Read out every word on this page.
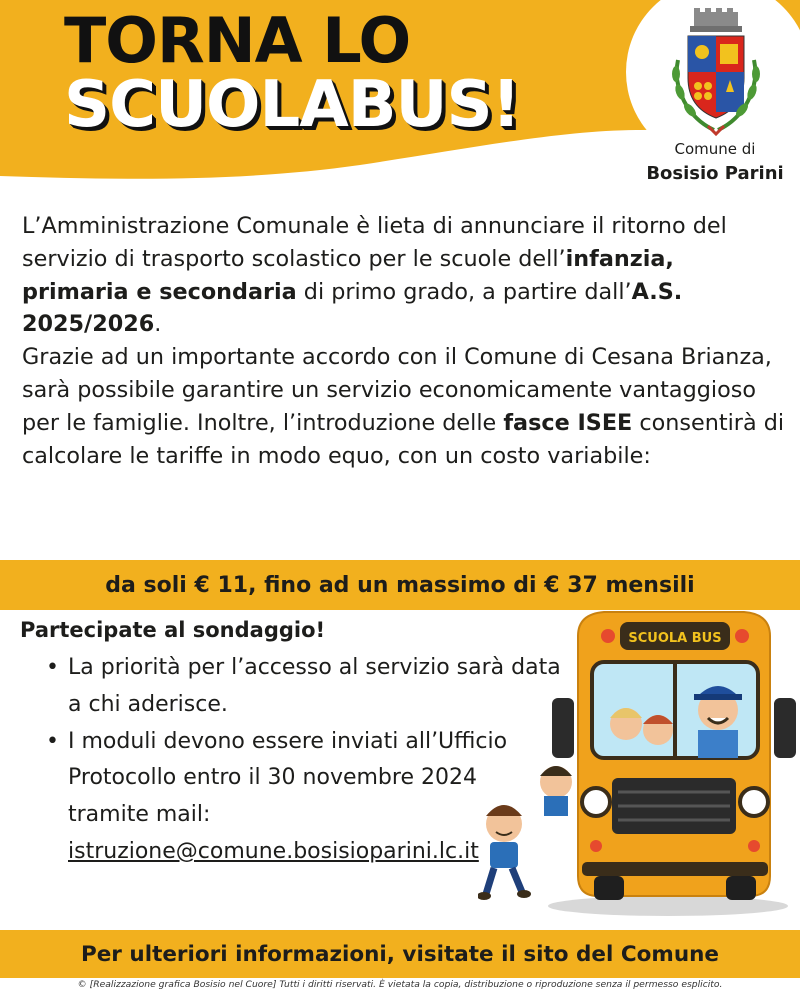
TORNA LO
SCUOLABUS!
Comune di
Bosisio Parini

L’Amministrazione Comunale è lieta di annunciare il ritorno del servizio di trasporto scolastico per le scuole dell’infanzia, primaria e secondaria di primo grado, a partire dall’A.S. 2025/2026.

Grazie ad un importante accordo con il Comune di Cesana Brianza, sarà possibile garantire un servizio economicamente vantaggioso per le famiglie. Inoltre, l’introduzione delle fasce ISEE consentirà di calcolare le tariffe in modo equo, con un costo variabile:

da soli € 11, fino ad un massimo di € 37 mensili
Partecipate al sondaggio!
• La priorità per l’accesso al servizio sarà data a chi aderisce.
• I moduli devono essere inviati all’Ufficio Protocollo entro il 30 novembre 2024 tramite mail:
istruzione@comune.bosisioparini.lc.it
SCUOLA BUS
Per ulteriori informazioni, visitate il sito del Comune
© [Realizzazione grafica Bosisio nel Cuore] Tutti i diritti riservati. È vietata la copia, distribuzione o riproduzione senza il permesso esplicito.
